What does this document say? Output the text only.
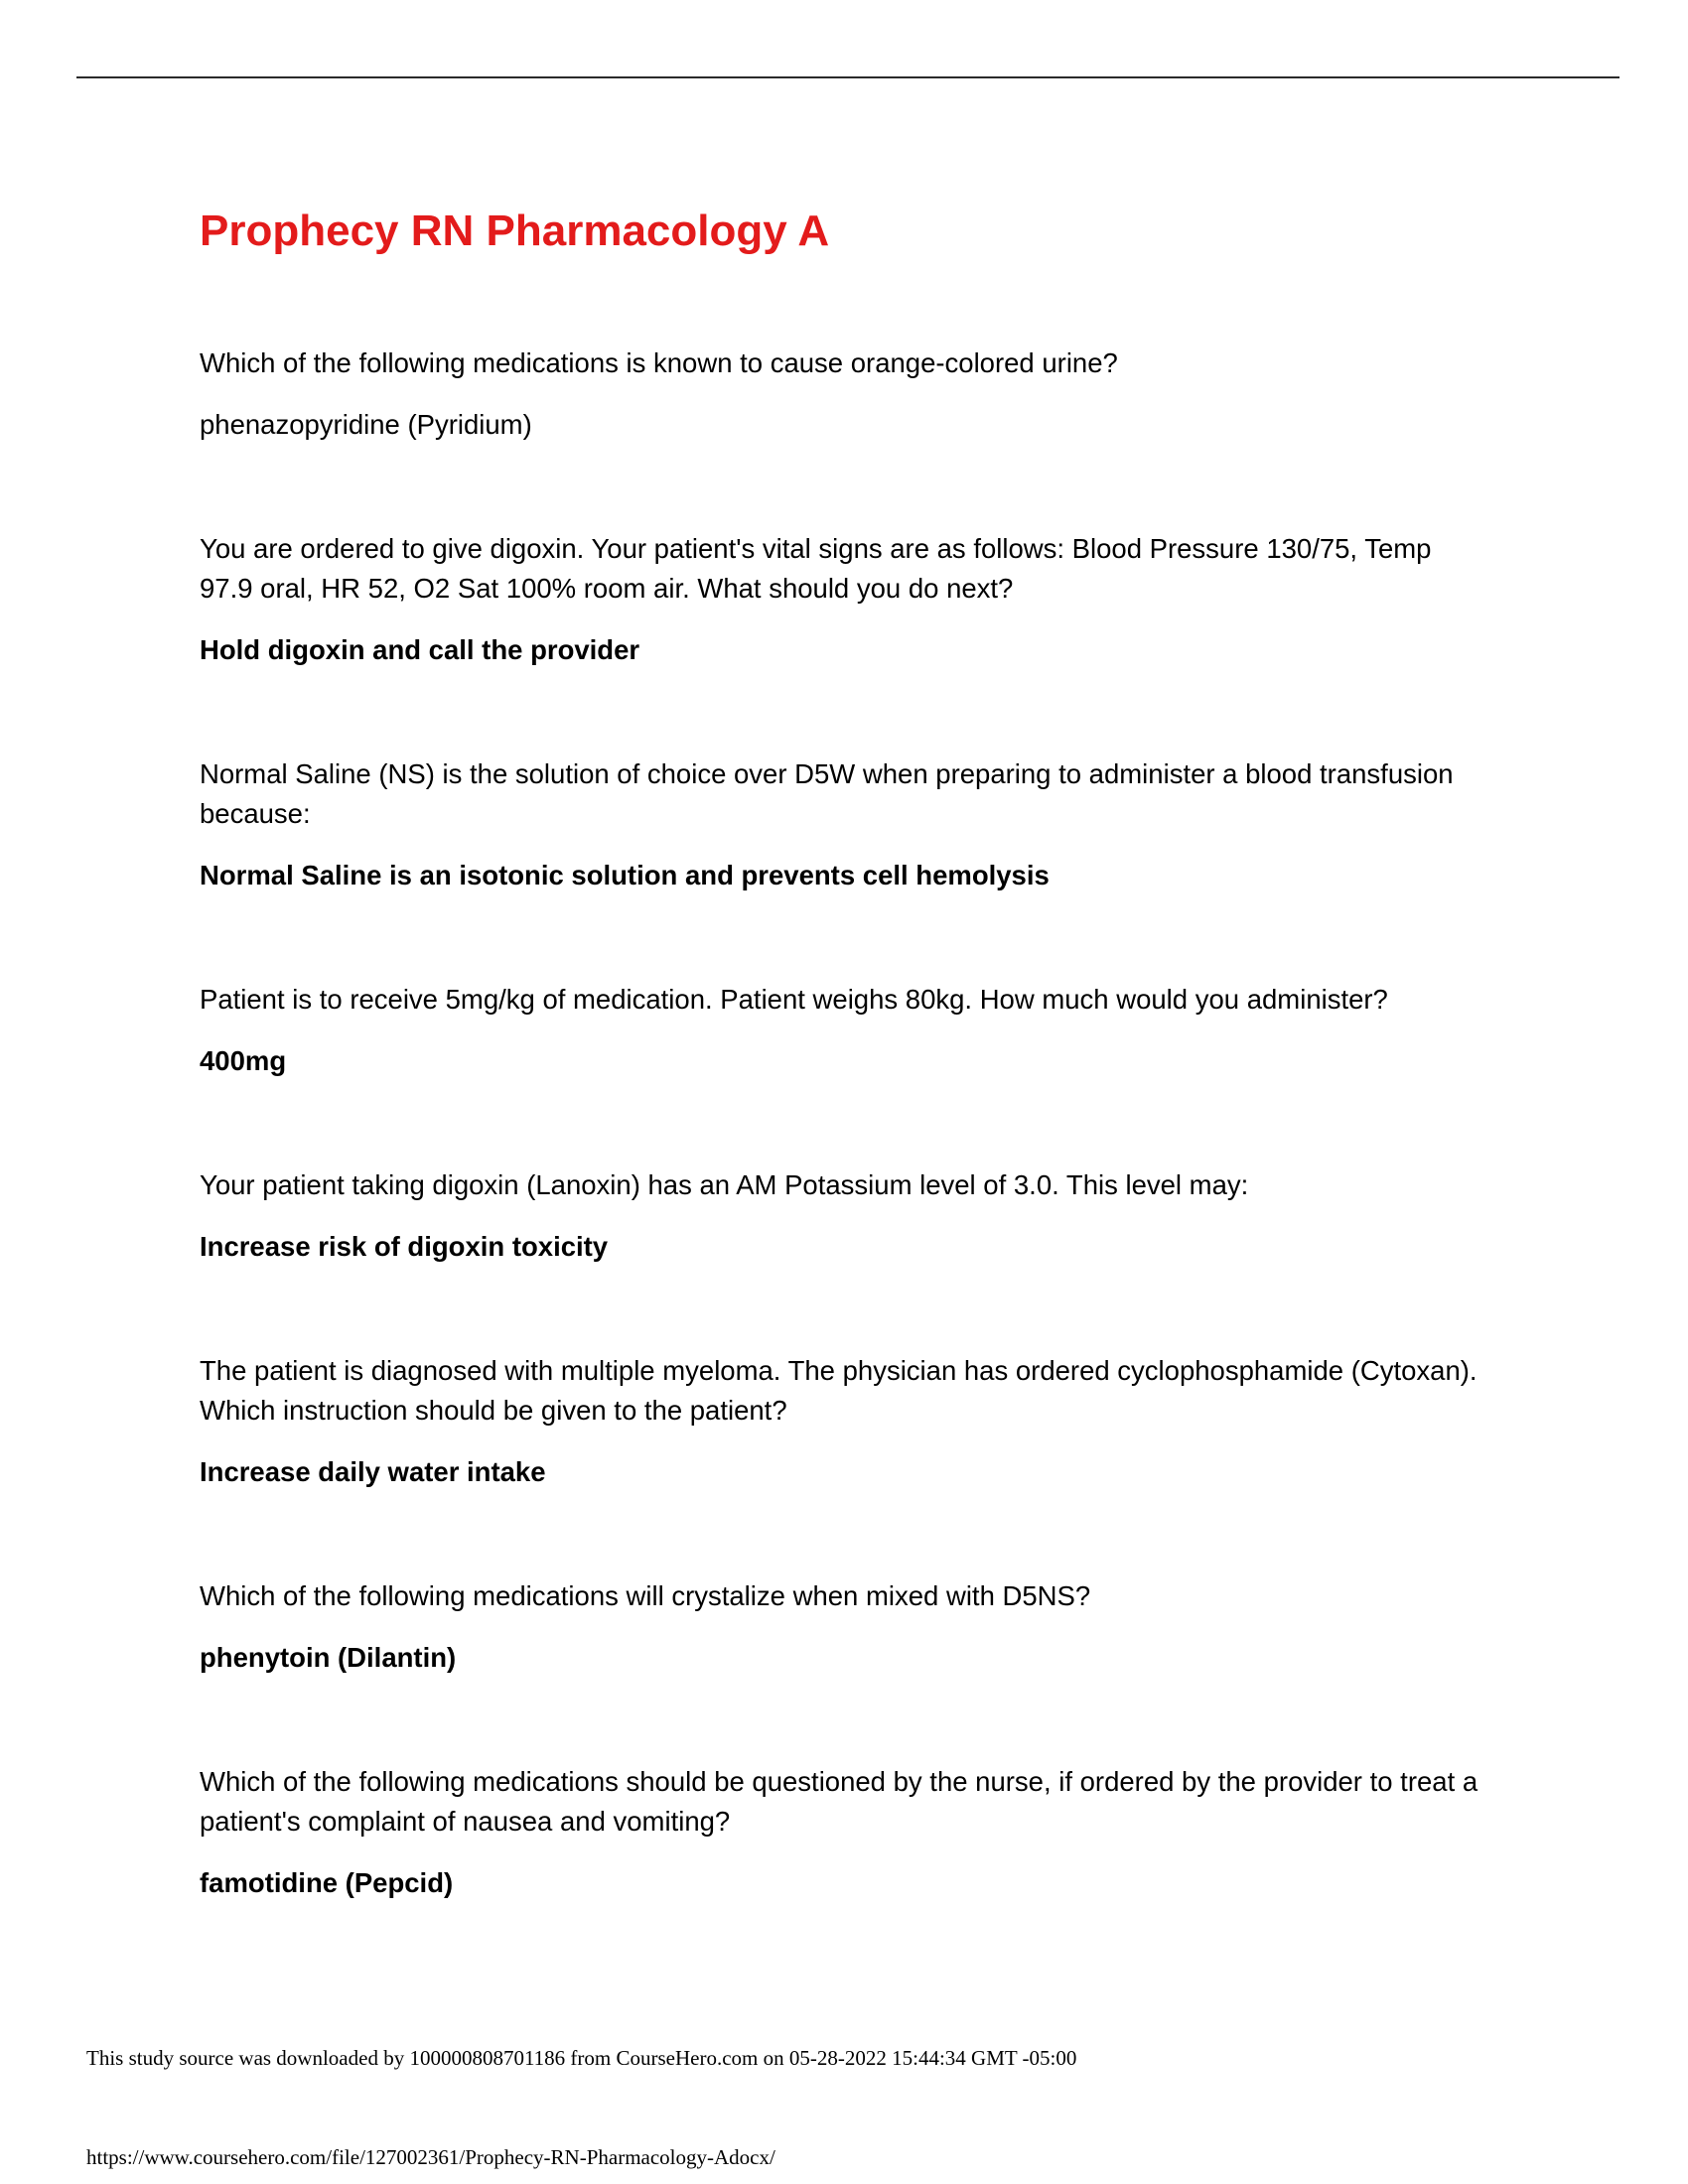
Prophecy RN Pharmacology A

Which of the following medications is known to cause orange-colored urine?

phenazopyridine (Pyridium)

You are ordered to give digoxin. Your patient's vital signs are as follows: Blood Pressure 130/75, Temp 97.9 oral, HR 52, O2 Sat 100% room air. What should you do next?

Hold digoxin and call the provider

Normal Saline (NS) is the solution of choice over D5W when preparing to administer a blood transfusion because:

Normal Saline is an isotonic solution and prevents cell hemolysis

Patient is to receive 5mg/kg of medication. Patient weighs 80kg. How much would you administer?

400mg

Your patient taking digoxin (Lanoxin) has an AM Potassium level of 3.0. This level may:

Increase risk of digoxin toxicity

The patient is diagnosed with multiple myeloma. The physician has ordered cyclophosphamide (Cytoxan). Which instruction should be given to the patient?

Increase daily water intake

Which of the following medications will crystalize when mixed with D5NS?

phenytoin (Dilantin)

Which of the following medications should be questioned by the nurse, if ordered by the provider to treat a patient's complaint of nausea and vomiting?

famotidine (Pepcid)

This study source was downloaded by 100000808701186 from CourseHero.com on 05-28-2022 15:44:34 GMT -05:00
https://www.coursehero.com/file/127002361/Prophecy-RN-Pharmacology-Adocx/
